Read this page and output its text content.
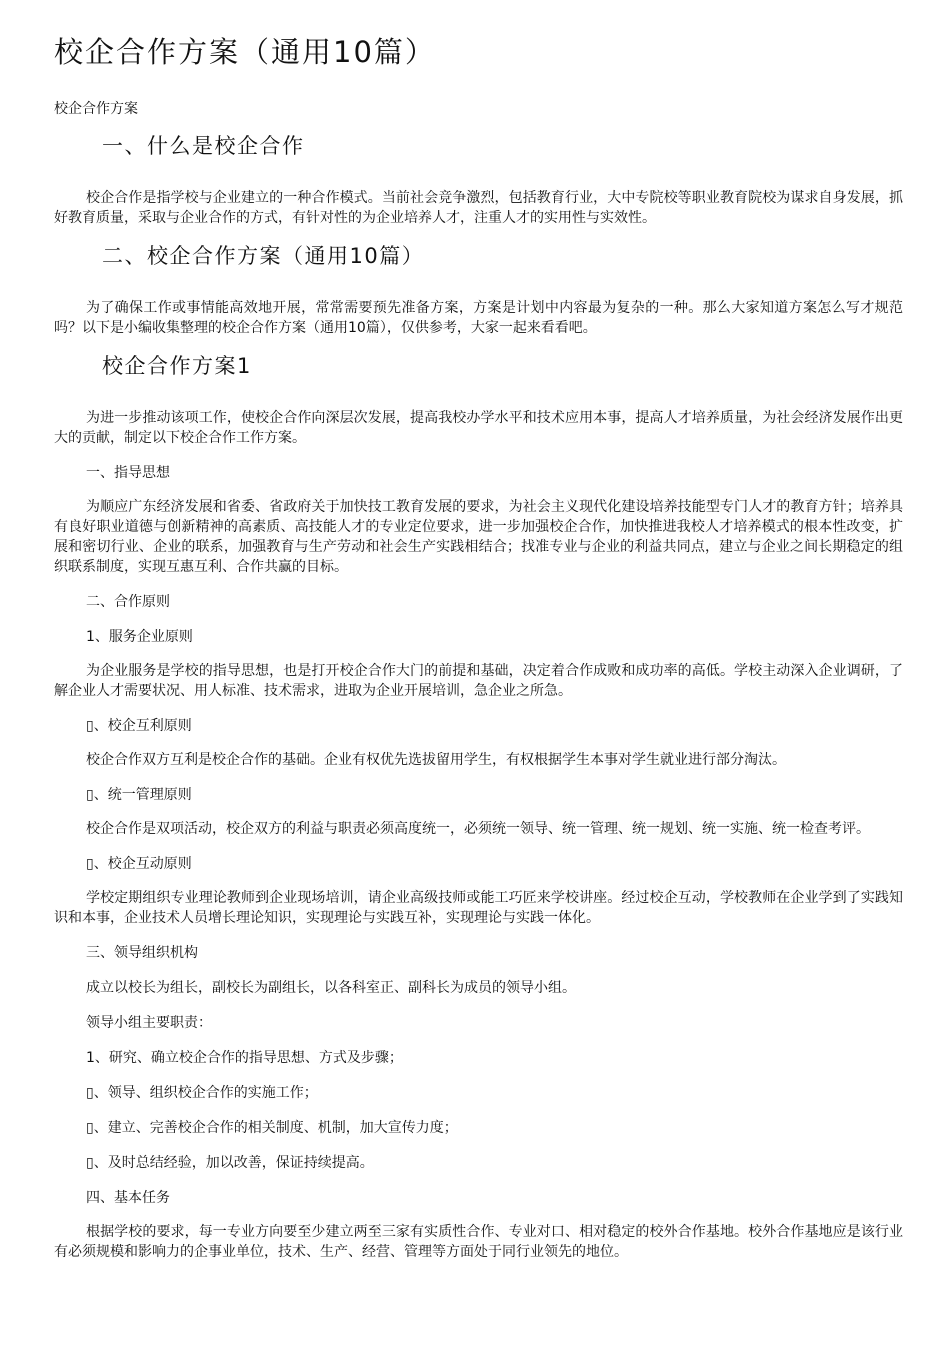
校企合作方案（通用10篇）

校企合作方案

一、什么是校企合作

校企合作是指学校与企业建立的一种合作模式。当前社会竞争激烈，包括教育行业，大中专院校等职业教育院校为谋求自身发展，抓好教育质量，采取与企业合作的方式，有针对性的为企业培养人才，注重人才的实用性与实效性。

二、校企合作方案（通用10篇）

为了确保工作或事情能高效地开展，常常需要预先准备方案，方案是计划中内容最为复杂的一种。那么大家知道方案怎么写才规范吗？以下是小编收集整理的校企合作方案（通用10篇），仅供参考，大家一起来看看吧。

校企合作方案1

为进一步推动该项工作，使校企合作向深层次发展，提高我校办学水平和技术应用本事，提高人才培养质量，为社会经济发展作出更大的贡献，制定以下校企合作工作方案。

一、指导思想

为顺应广东经济发展和省委、省政府关于加快技工教育发展的要求，为社会主义现代化建设培养技能型专门人才的教育方针；培养具有良好职业道德与创新精神的高素质、高技能人才的专业定位要求，进一步加强校企合作，加快推进我校人才培养模式的根本性改变，扩展和密切行业、企业的联系，加强教育与生产劳动和社会生产实践相结合；找准专业与企业的利益共同点，建立与企业之间长期稳定的组织联系制度，实现互惠互利、合作共赢的目标。

二、合作原则

1、服务企业原则

为企业服务是学校的指导思想，也是打开校企合作大门的前提和基础，决定着合作成败和成功率的高低。学校主动深入企业调研，了解企业人才需要状况、用人标准、技术需求，进取为企业开展培训，急企业之所急。

▯、校企互利原则

校企合作双方互利是校企合作的基础。企业有权优先选拔留用学生，有权根据学生本事对学生就业进行部分淘汰。

▯、统一管理原则

校企合作是双项活动，校企双方的利益与职责必须高度统一，必须统一领导、统一管理、统一规划、统一实施、统一检查考评。

▯、校企互动原则

学校定期组织专业理论教师到企业现场培训，请企业高级技师或能工巧匠来学校讲座。经过校企互动，学校教师在企业学到了实践知识和本事，企业技术人员增长理论知识，实现理论与实践互补，实现理论与实践一体化。

三、领导组织机构

成立以校长为组长，副校长为副组长，以各科室正、副科长为成员的领导小组。

领导小组主要职责：

1、研究、确立校企合作的指导思想、方式及步骤；

▯、领导、组织校企合作的实施工作；

▯、建立、完善校企合作的相关制度、机制，加大宣传力度；

▯、及时总结经验，加以改善，保证持续提高。

四、基本任务

根据学校的要求，每一专业方向要至少建立两至三家有实质性合作、专业对口、相对稳定的校外合作基地。校外合作基地应是该行业有必须规模和影响力的企事业单位，技术、生产、经营、管理等方面处于同行业领先的地位。
